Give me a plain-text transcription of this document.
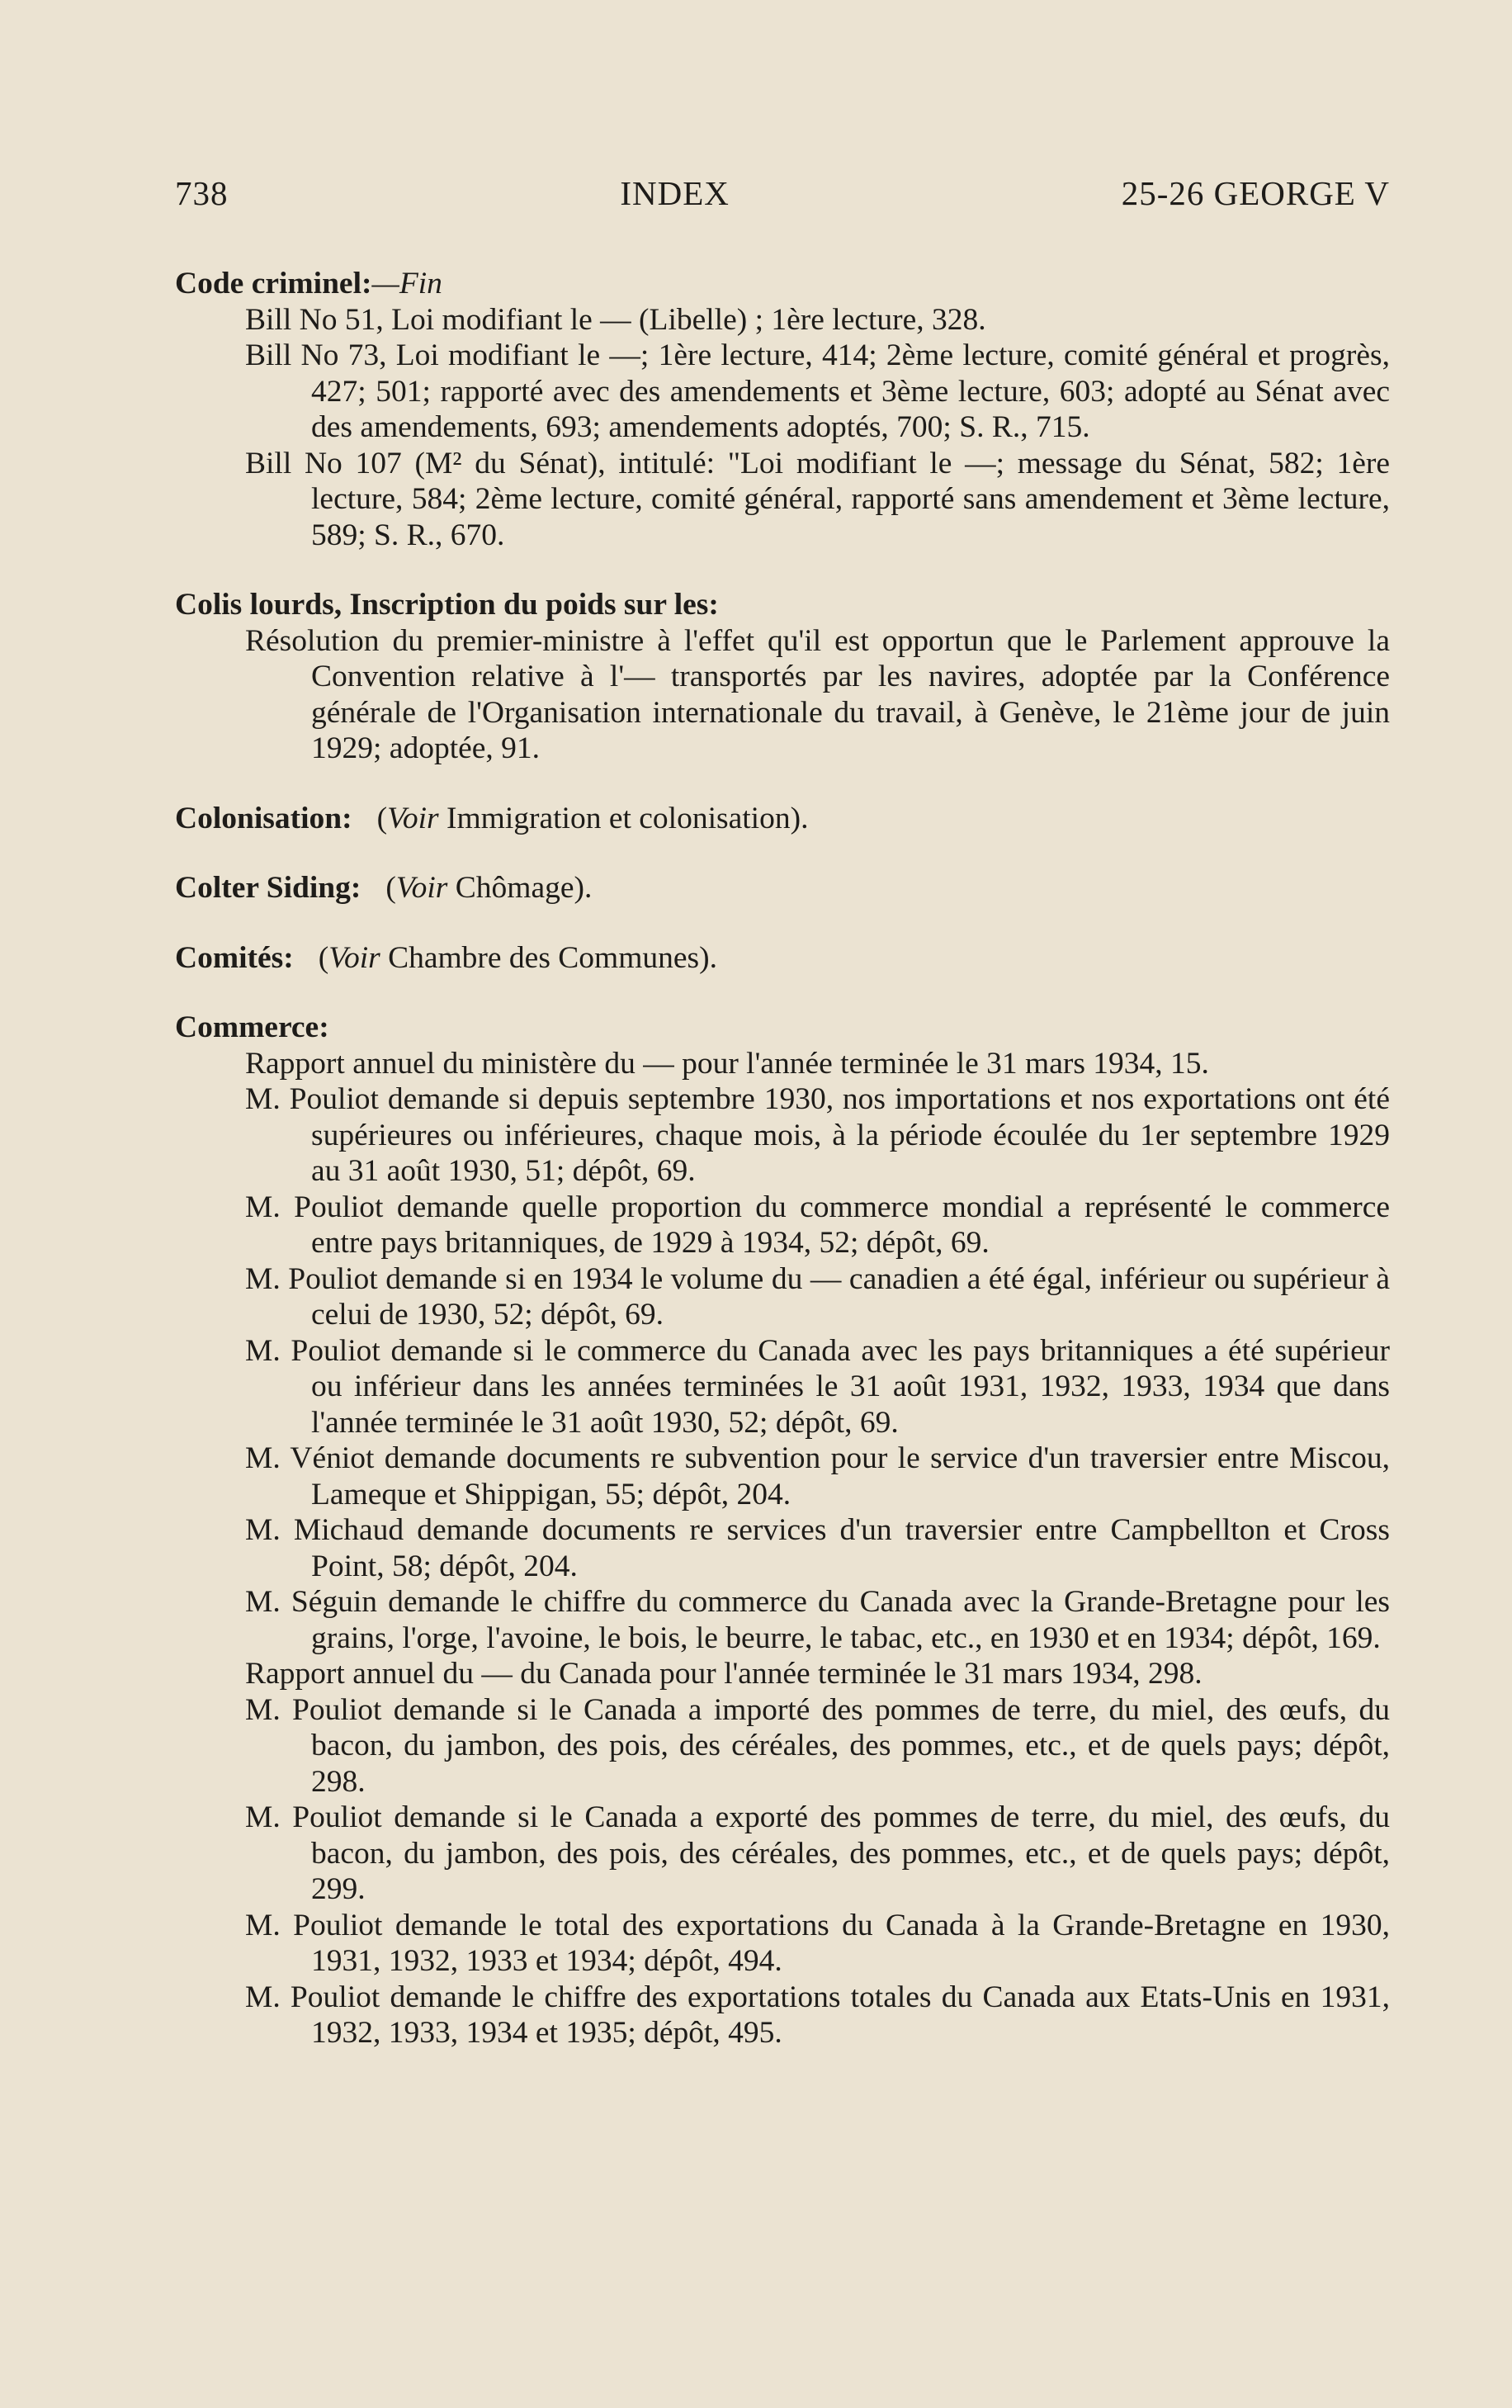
738	INDEX	25-26 GEORGE V

Code criminel:—Fin

Bill No 51, Loi modifiant le — (Libelle) ; 1ère lecture, 328.

Bill No 73, Loi modifiant le —; 1ère lecture, 414; 2ème lecture, comité général et progrès, 427; 501; rapporté avec des amendements et 3ème lecture, 603; adopté au Sénat avec des amendements, 693; amendements adoptés, 700; S. R., 715.

Bill No 107 (M² du Sénat), intitulé: "Loi modifiant le —; message du Sénat, 582; 1ère lecture, 584; 2ème lecture, comité général, rapporté sans amendement et 3ème lecture, 589; S. R., 670.

Colis lourds, Inscription du poids sur les:

Résolution du premier-ministre à l'effet qu'il est opportun que le Parlement approuve la Convention relative à l'— transportés par les navires, adoptée par la Conférence générale de l'Organisation internationale du travail, à Genève, le 21ème jour de juin 1929; adoptée, 91.

Colonisation: (Voir Immigration et colonisation).

Colter Siding: (Voir Chômage).

Comités: (Voir Chambre des Communes).

Commerce:

Rapport annuel du ministère du — pour l'année terminée le 31 mars 1934, 15.

M. Pouliot demande si depuis septembre 1930, nos importations et nos exportations ont été supérieures ou inférieures, chaque mois, à la période écoulée du 1er septembre 1929 au 31 août 1930, 51; dépôt, 69.

M. Pouliot demande quelle proportion du commerce mondial a représenté le commerce entre pays britanniques, de 1929 à 1934, 52; dépôt, 69.

M. Pouliot demande si en 1934 le volume du — canadien a été égal, inférieur ou supérieur à celui de 1930, 52; dépôt, 69.

M. Pouliot demande si le commerce du Canada avec les pays britanniques a été supérieur ou inférieur dans les années terminées le 31 août 1931, 1932, 1933, 1934 que dans l'année terminée le 31 août 1930, 52; dépôt, 69.

M. Véniot demande documents re subvention pour le service d'un traversier entre Miscou, Lameque et Shippigan, 55; dépôt, 204.

M. Michaud demande documents re services d'un traversier entre Campbellton et Cross Point, 58; dépôt, 204.

M. Séguin demande le chiffre du commerce du Canada avec la Grande-Bretagne pour les grains, l'orge, l'avoine, le bois, le beurre, le tabac, etc., en 1930 et en 1934; dépôt, 169.

Rapport annuel du — du Canada pour l'année terminée le 31 mars 1934, 298.

M. Pouliot demande si le Canada a importé des pommes de terre, du miel, des œufs, du bacon, du jambon, des pois, des céréales, des pommes, etc., et de quels pays; dépôt, 298.

M. Pouliot demande si le Canada a exporté des pommes de terre, du miel, des œufs, du bacon, du jambon, des pois, des céréales, des pommes, etc., et de quels pays; dépôt, 299.

M. Pouliot demande le total des exportations du Canada à la Grande-Bretagne en 1930, 1931, 1932, 1933 et 1934; dépôt, 494.

M. Pouliot demande le chiffre des exportations totales du Canada aux Etats-Unis en 1931, 1932, 1933, 1934 et 1935; dépôt, 495.
